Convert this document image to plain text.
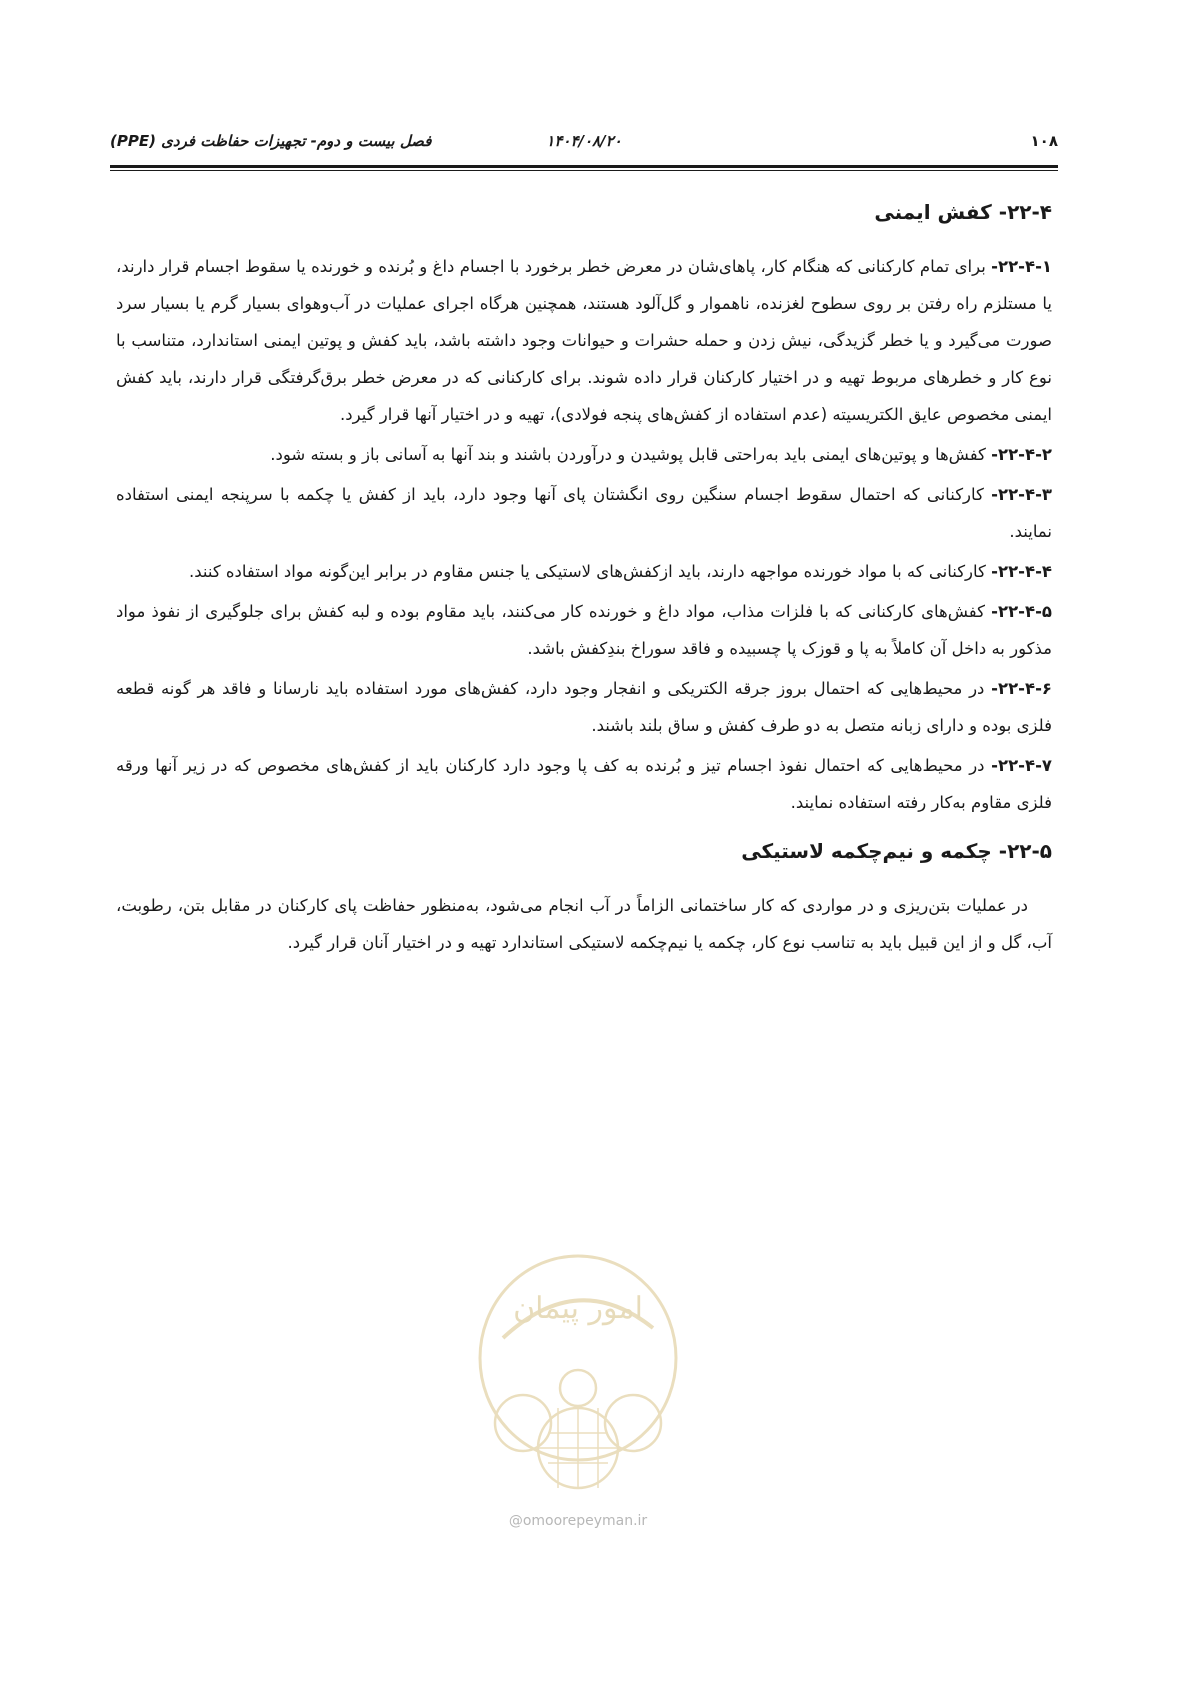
۱۰۸
۱۴۰۴/۰۸/۲۰
فصل بیست و دوم- تجهیزات حفاظت فردی (PPE)
۲۲-۴- کفش ایمنی

۲۲-۴-۱- برای تمام کارکنانی که هنگام کار، پاهای‌شان در معرض خطر برخورد با اجسام داغ و بُرنده و خورنده یا سقوط اجسام قرار دارند، یا مستلزم راه رفتن بر روی سطوح لغزنده، ناهموار و گل‌آلود هستند، همچنین هرگاه اجرای عملیات در آب‌وهوای بسیار گرم یا بسیار سرد صورت می‌گیرد و یا خطر گزیدگی، نیش زدن و حمله حشرات و حیوانات وجود داشته باشد، باید کفش و پوتین ایمنی استاندارد، متناسب با نوع کار و خطرهای مربوط تهیه و در اختیار کارکنان قرار داده شوند. برای کارکنانی که در معرض خطر برق‌گرفتگی قرار دارند، باید کفش ایمنی مخصوص عایق الکتریسیته (عدم استفاده از کفش‌های پنجه فولادی)، تهیه و در اختیار آنها قرار گیرد.

۲۲-۴-۲- کفش‌ها و پوتین‌های ایمنی باید به‌راحتی قابل پوشیدن و درآوردن باشند و بند آنها به آسانی باز و بسته شود.

۲۲-۴-۳- کارکنانی که احتمال سقوط اجسام سنگین روی انگشتان پای آنها وجود دارد، باید از کفش یا چکمه با سرپنجه ایمنی استفاده نمایند.

۲۲-۴-۴- کارکنانی که با مواد خورنده مواجهه دارند، باید ازکفش‌های لاستیکی یا جنس مقاوم در برابر این‌گونه مواد استفاده کنند.

۲۲-۴-۵- کفش‌های کارکنانی که با فلزات مذاب، مواد داغ و خورنده کار می‌کنند، باید مقاوم بوده و لبه کفش برای جلوگیری از نفوذ مواد مذکور به داخل آن کاملاً به پا و قوزک پا چسبیده و فاقد سوراخ بندِکفش باشد.

۲۲-۴-۶- در محیط‌هایی که احتمال بروز جرقه الکتریکی و انفجار وجود دارد، کفش‌های مورد استفاده باید نارسانا و فاقد هر گونه قطعه فلزی بوده و دارای زبانه متصل به دو طرف کفش و ساق بلند باشند.

۲۲-۴-۷- در محیط‌هایی که احتمال نفوذ اجسام تیز و بُرنده به کف پا وجود دارد کارکنان باید از کفش‌های مخصوص که در زیر آنها ورقه فلزی مقاوم به‌کار رفته استفاده نمایند.

۲۲-۵- چکمه و نیم‌چکمه لاستیکی

در عملیات بتن‌ریزی و در مواردی که کار ساختمانی الزاماً در آب انجام می‌شود، به‌منظور حفاظت پای کارکنان در مقابل بتن، رطوبت، آب، گل و از این قبیل باید به تناسب نوع کار، چکمه یا نیم‌چکمه لاستیکی استاندارد تهیه و در اختیار آنان قرار گیرد.

امور پیمان
@omoorepeyman.ir
